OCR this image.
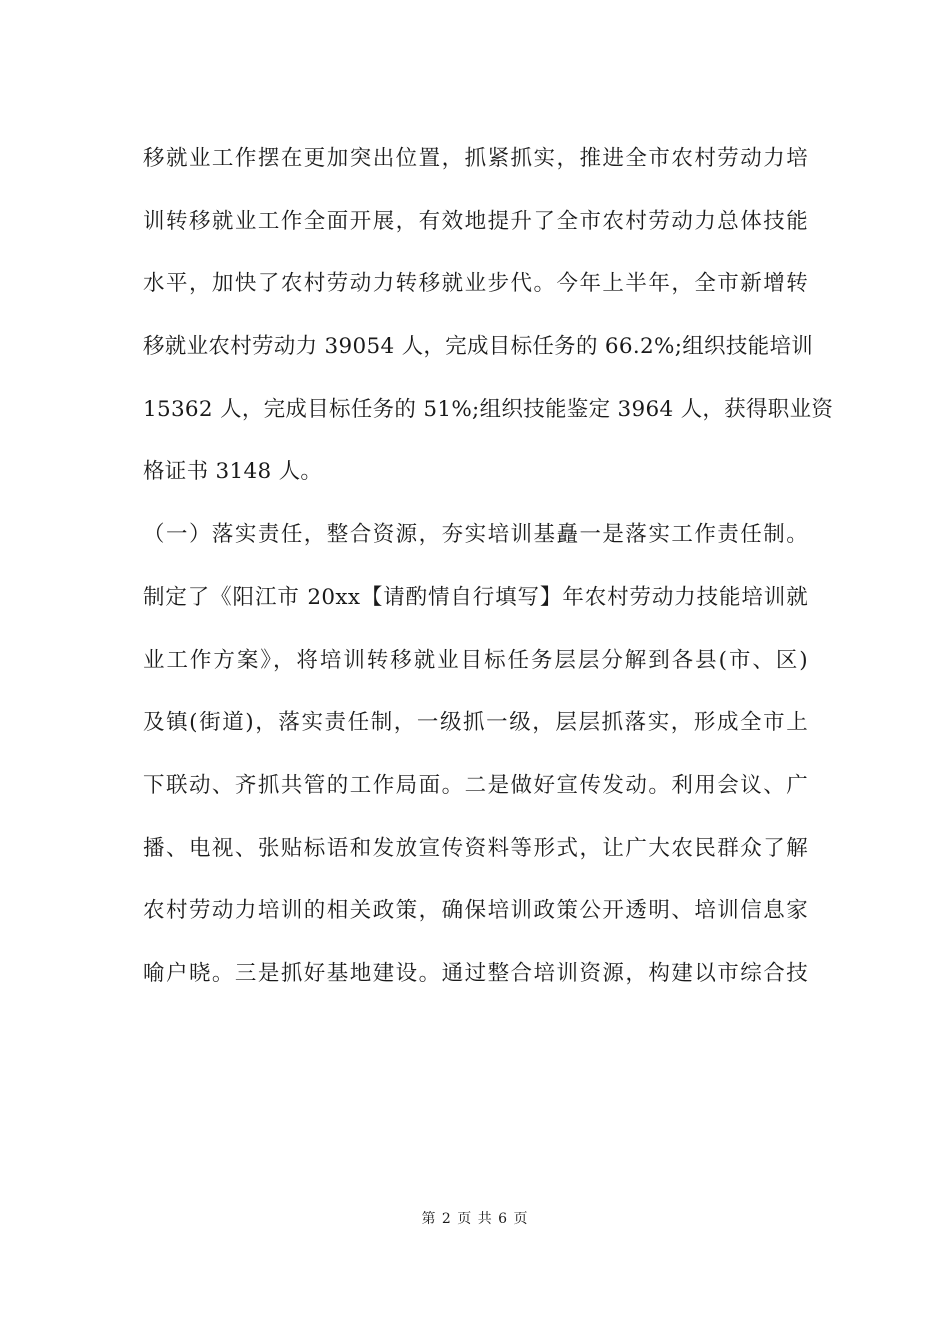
移就业工作摆在更加突出位置，抓紧抓实，推进全市农村劳动力培
训转移就业工作全面开展，有效地提升了全市农村劳动力总体技能
水平，加快了农村劳动力转移就业步代。今年上半年，全市新增转
移就业农村劳动力 39054 人，完成目标任务的 66.2%;组织技能培训
15362 人，完成目标任务的 51%;组织技能鉴定 3964 人，获得职业资
格证书 3148 人。
（一）落实责任，整合资源，夯实培训基矗一是落实工作责任制。
制定了《阳江市 20xx【请酌情自行填写】年农村劳动力技能培训就
业工作方案》，将培训转移就业目标任务层层分解到各县(市、区)
及镇(街道)，落实责任制，一级抓一级，层层抓落实，形成全市上
下联动、齐抓共管的工作局面。二是做好宣传发动。利用会议、广
播、电视、张贴标语和发放宣传资料等形式，让广大农民群众了解
农村劳动力培训的相关政策，确保培训政策公开透明、培训信息家
喻户晓。三是抓好基地建设。通过整合培训资源，构建以市综合技
第 2 页 共 6 页
